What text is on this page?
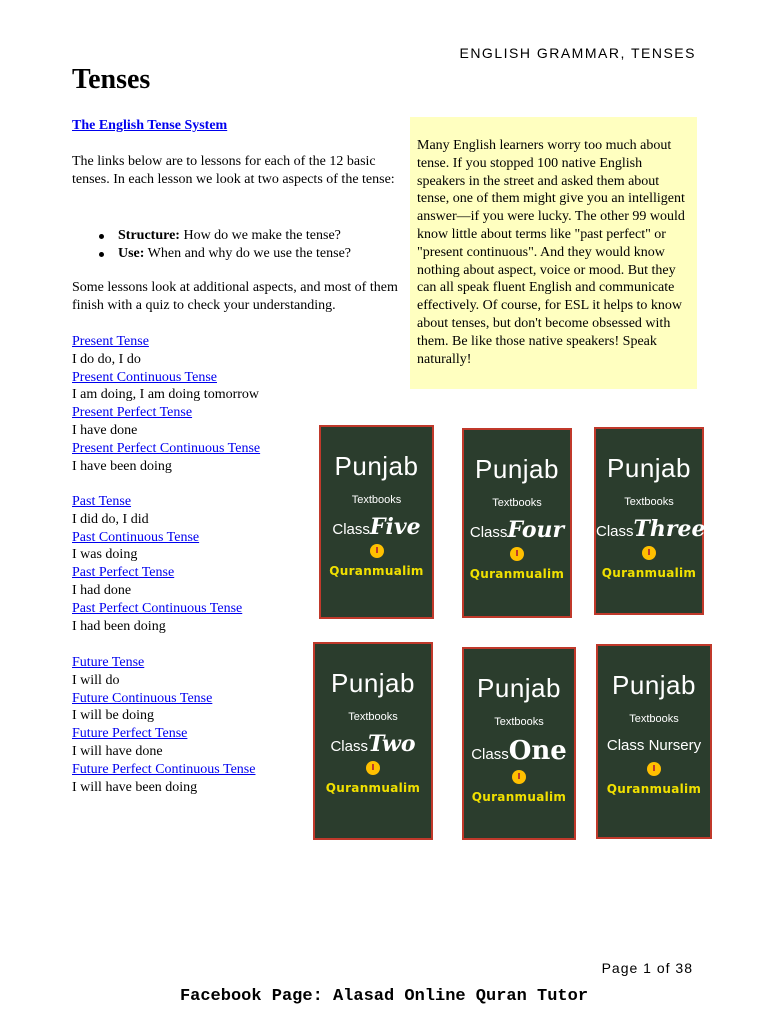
ENGLISH GRAMMAR, TENSES
Tenses
The English Tense System

The links below are to lessons for each of the 12 basic tenses. In each lesson we look at two aspects of the tense:

Structure: How do we make the tense?
Use: When and why do we use the tense?

Some lessons look at additional aspects, and most of them finish with a quiz to check your understanding.

Present Tense
I do do, I do
Present Continuous Tense
I am doing, I am doing tomorrow
Present Perfect Tense
I have done
Present Perfect Continuous Tense
I have been doing
Past Tense
I did do, I did
Past Continuous Tense
I was doing
Past Perfect Tense
I had done
Past Perfect Continuous Tense
I had been doing
Future Tense
I will do
Future Continuous Tense
I will be doing
Future Perfect Tense
I will have done
Future Perfect Continuous Tense
I will have been doing

Many English learners worry too much about tense. If you stopped 100 native English speakers in the street and asked them about tense, one of them might give you an intelligent answer—if you were lucky. The other 99 would know little about terms like "past perfect" or "present continuous". And they would know nothing about aspect, voice or mood. But they can all speak fluent English and communicate effectively. Of course, for ESL it helps to know about tenses, but don't become obsessed with them. Be like those native speakers! Speak naturally!

Punjab
Textbooks
ClassFive
Quranmualim
Punjab
Textbooks
ClassFour
Quranmualim
Punjab
Textbooks
ClassThree
Quranmualim
Punjab
Textbooks
ClassTwo
Quranmualim
Punjab
Textbooks
ClassOne
Quranmualim
Punjab
Textbooks
Class Nursery
Quranmualim
Page 1 of 38
Facebook Page: Alasad Online Quran Tutor
